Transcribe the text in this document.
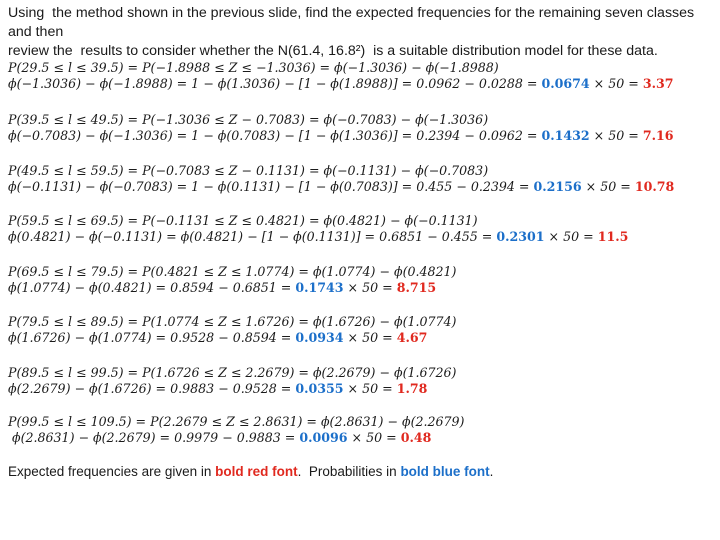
Using  the method shown in the previous slide, find the expected frequencies for the remaining seven classes and then
review the  results to consider whether the N(61.4, 16.8²)  is a suitable distribution model for these data.
P(29.5 ≤ l ≤ 39.5) = P(−1.8988 ≤ Z ≤ −1.3036) = ϕ(−1.3036) − ϕ(−1.8988)
ϕ(−1.3036) − ϕ(−1.8988) = 1 − ϕ(1.3036) − [1 − ϕ(1.8988)] = 0.0962 − 0.0288 = 0.0674 × 50 = 3.37
P(39.5 ≤ l ≤ 49.5) = P(−1.3036 ≤ Z − 0.7083) = ϕ(−0.7083) − ϕ(−1.3036)
ϕ(−0.7083) − ϕ(−1.3036) = 1 − ϕ(0.7083) − [1 − ϕ(1.3036)] = 0.2394 − 0.0962 = 0.1432 × 50 = 7.16
P(49.5 ≤ l ≤ 59.5) = P(−0.7083 ≤ Z − 0.1131) = ϕ(−0.1131) − ϕ(−0.7083)
ϕ(−0.1131) − ϕ(−0.7083) = 1 − ϕ(0.1131) − [1 − ϕ(0.7083)] = 0.455 − 0.2394 = 0.2156 × 50 = 10.78
P(59.5 ≤ l ≤ 69.5) = P(−0.1131 ≤ Z ≤ 0.4821) = ϕ(0.4821) − ϕ(−0.1131)
ϕ(0.4821) − ϕ(−0.1131) = ϕ(0.4821) − [1 − ϕ(0.1131)] = 0.6851 − 0.455 = 0.2301 × 50 = 11.5
P(69.5 ≤ l ≤ 79.5) = P(0.4821 ≤ Z ≤ 1.0774) = ϕ(1.0774) − ϕ(0.4821)
ϕ(1.0774) − ϕ(0.4821) = 0.8594 − 0.6851 = 0.1743 × 50 = 8.715
P(79.5 ≤ l ≤ 89.5) = P(1.0774 ≤ Z ≤ 1.6726) = ϕ(1.6726) − ϕ(1.0774)
ϕ(1.6726) − ϕ(1.0774) = 0.9528 − 0.8594 = 0.0934 × 50 = 4.67
P(89.5 ≤ l ≤ 99.5) = P(1.6726 ≤ Z ≤ 2.2679) = ϕ(2.2679) − ϕ(1.6726)
ϕ(2.2679) − ϕ(1.6726) = 0.9883 − 0.9528 = 0.0355 × 50 = 1.78
P(99.5 ≤ l ≤ 109.5) = P(2.2679 ≤ Z ≤ 2.8631) = ϕ(2.8631) − ϕ(2.2679)
ϕ(2.8631) − ϕ(2.2679) = 0.9979 − 0.9883 = 0.0096 × 50 = 0.48
Expected frequencies are given in bold red font.  Probabilities in bold blue font.
